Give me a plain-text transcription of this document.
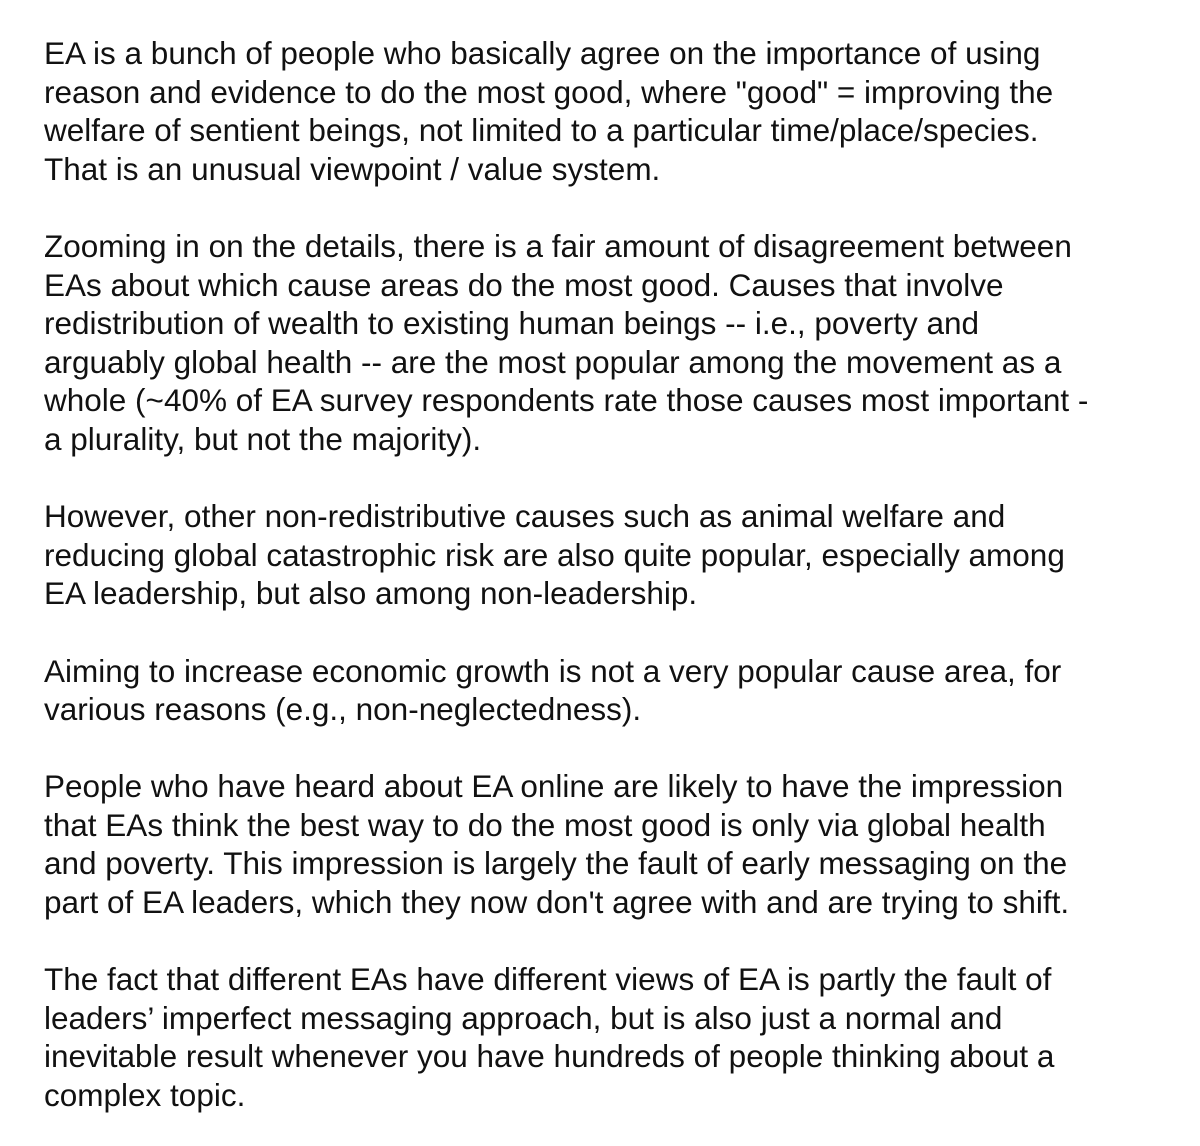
EA is a bunch of people who basically agree on the importance of using
reason and evidence to do the most good, where "good" = improving the
welfare of sentient beings, not limited to a particular time/place/species.
That is an unusual viewpoint / value system.

Zooming in on the details, there is a fair amount of disagreement between
EAs about which cause areas do the most good. Causes that involve
redistribution of wealth to existing human beings -- i.e., poverty and
arguably global health -- are the most popular among the movement as a
whole (~40% of EA survey respondents rate those causes most important -
a plurality, but not the majority).

However, other non-redistributive causes such as animal welfare and
reducing global catastrophic risk are also quite popular, especially among
EA leadership, but also among non-leadership.

Aiming to increase economic growth is not a very popular cause area, for
various reasons (e.g., non-neglectedness).

People who have heard about EA online are likely to have the impression
that EAs think the best way to do the most good is only via global health
and poverty. This impression is largely the fault of early messaging on the
part of EA leaders, which they now don't agree with and are trying to shift.

The fact that different EAs have different views of EA is partly the fault of
leaders’ imperfect messaging approach, but is also just a normal and
inevitable result whenever you have hundreds of people thinking about a
complex topic.
